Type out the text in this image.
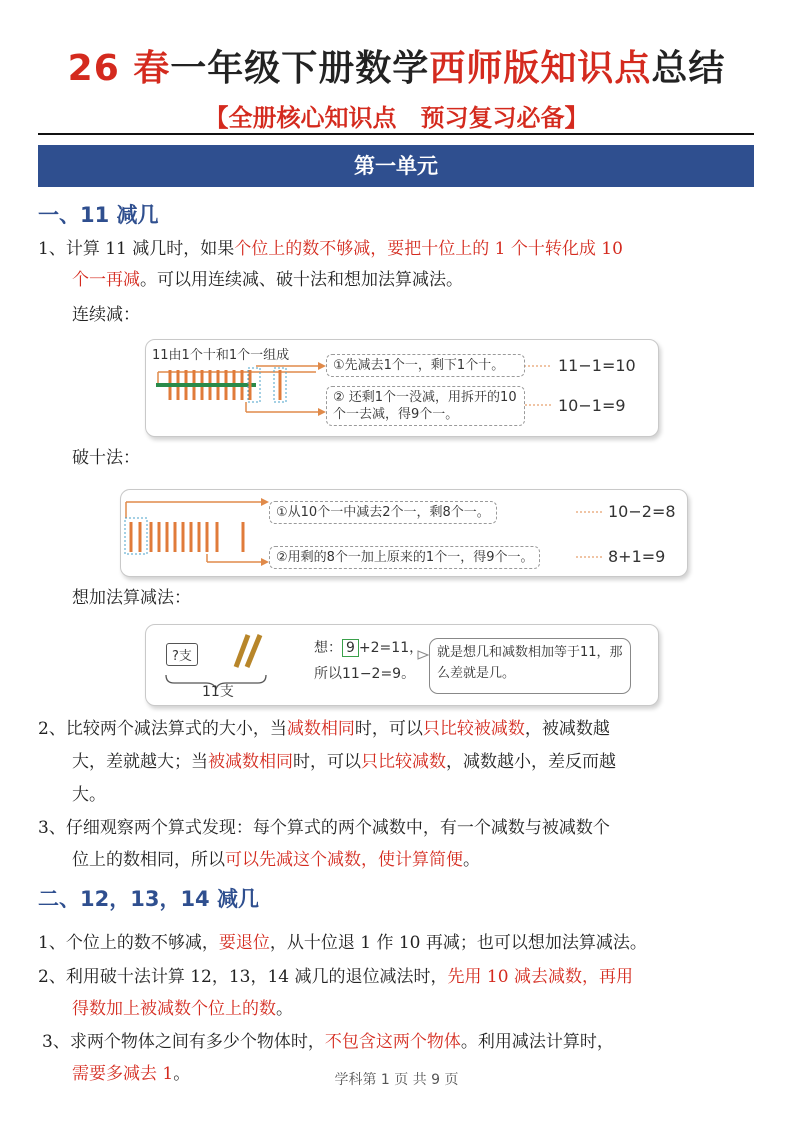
26 春一年级下册数学西师版知识点总结
【全册核心知识点　预习复习必备】
第一单元
一、11 减几
1、计算 11 减几时，如果个位上的数不够减，要把十位上的 1 个十转化成 10
个一再减。可以用连续减、破十法和想加法算减法。
连续减：
11由1个十和1个一组成
①先减去1个一，剩下1个十。
② 还剩1个一没减，用拆开的10个一去减，得9个一。
11−1=10
10−1=9
破十法：
①从10个一中减去2个一，剩8个一。
②用剩的8个一加上原来的1个一，得9个一。
10−2=8
8+1=9
想加法算减法：
?支
11支
想： 9 +2=11，
所以11−2=9。
就是想几和减数相加等于11，那么差就是几。
2、比较两个减法算式的大小，当减数相同时，可以只比较被减数，被减数越
大，差就越大；当被减数相同时，可以只比较减数，减数越小，差反而越
大。
3、仔细观察两个算式发现：每个算式的两个减数中，有一个减数与被减数个
位上的数相同，所以可以先减这个减数，使计算简便。
二、12，13，14 减几
1、个位上的数不够减，要退位，从十位退 1 作 10 再减；也可以想加法算减法。
2、利用破十法计算 12，13，14 减几的退位减法时，先用 10 减去减数，再用
得数加上被减数个位上的数。
3、求两个物体之间有多少个物体时，不包含这两个物体。利用减法计算时，
需要多减去 1。	学科第 1 页 共 9 页
